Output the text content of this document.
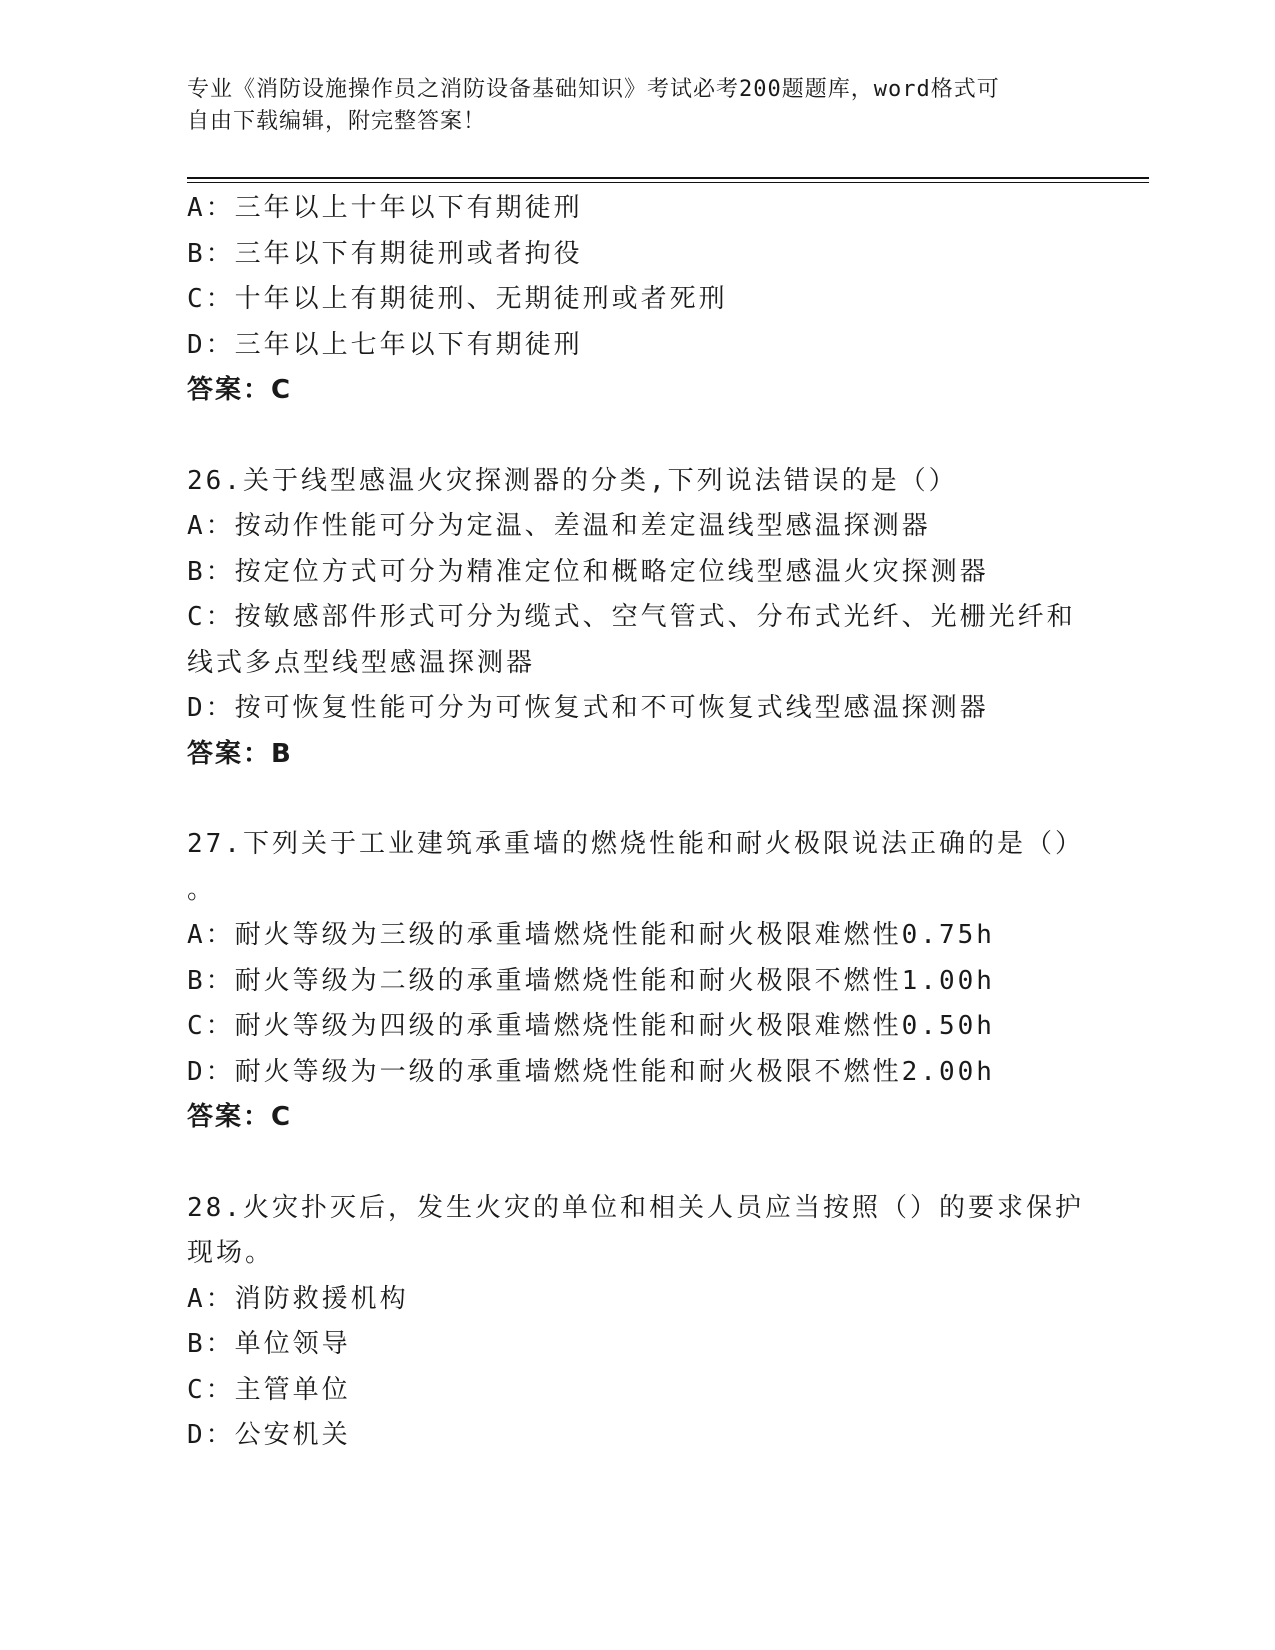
专业《消防设施操作员之消防设备基础知识》考试必考200题题库，word格式可
自由下载编辑，附完整答案！
A：三年以上十年以下有期徒刑
B：三年以下有期徒刑或者拘役
C：十年以上有期徒刑、无期徒刑或者死刑
D：三年以上七年以下有期徒刑
答案：C
26.关于线型感温火灾探测器的分类,下列说法错误的是（）
A：按动作性能可分为定温、差温和差定温线型感温探测器
B：按定位方式可分为精准定位和概略定位线型感温火灾探测器
C：按敏感部件形式可分为缆式、空气管式、分布式光纤、光栅光纤和
线式多点型线型感温探测器
D：按可恢复性能可分为可恢复式和不可恢复式线型感温探测器
答案：B
27.下列关于工业建筑承重墙的燃烧性能和耐火极限说法正确的是（）
。
A：耐火等级为三级的承重墙燃烧性能和耐火极限难燃性0.75h
B：耐火等级为二级的承重墙燃烧性能和耐火极限不燃性1.00h
C：耐火等级为四级的承重墙燃烧性能和耐火极限难燃性0.50h
D：耐火等级为一级的承重墙燃烧性能和耐火极限不燃性2.00h
答案：C
28.火灾扑灭后，发生火灾的单位和相关人员应当按照（）的要求保护
现场。
A：消防救援机构
B：单位领导
C：主管单位
D：公安机关
